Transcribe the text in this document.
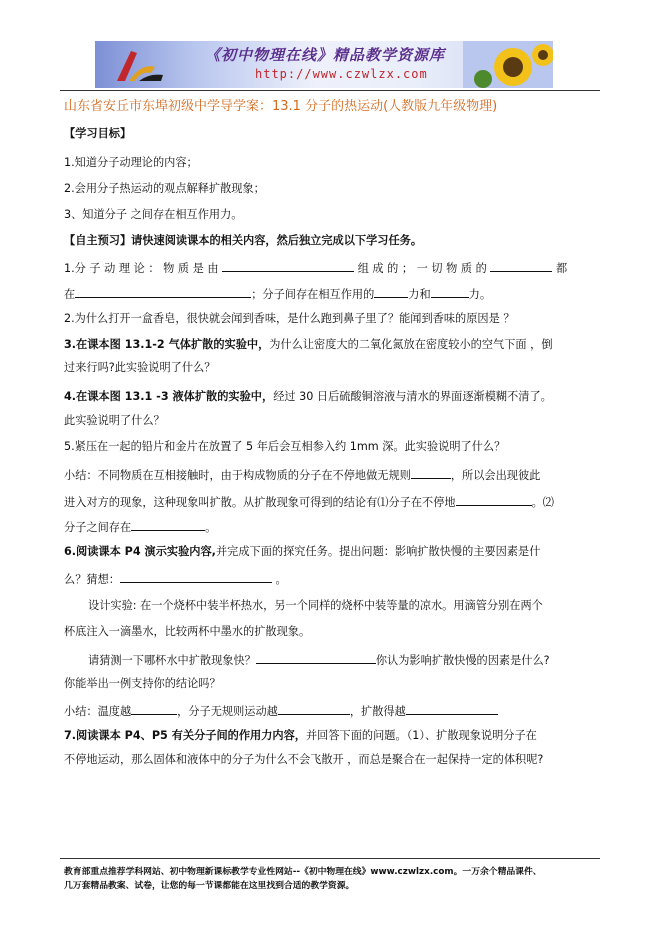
《初中物理在线》精品教学资源库
http://www.czwlzx.com
山东省安丘市东埠初级中学导学案：13.1 分子的热运动(人教版九年级物理)
【学习目标】
1.知道分子动理论的内容；
2.会用分子热运动的观点解释扩散现象；
3、知道分子 之间存在相互作用力。
【自主预习】请快速阅读课本的相关内容，然后独立完成以下学习任务。
1.分 子 动 理 论 ： 物 质 是 由	组 成 的 ； 一 切 物 质 的	都
在	；分子间存在相互作用的	力和	力。
2.为什么打开一盒香皂，很快就会闻到香味，是什么跑到鼻子里了？能闻到香味的原因是 ？
3.在课本图 13.1-2 气体扩散的实验中，为什么让密度大的二氧化氮放在密度较小的空气下面 ，倒
过来行吗?此实验说明了什么？
4.在课本图 13.1 -3 液体扩散的实验中，经过 30 日后硫酸铜溶液与清水的界面逐渐模糊不清了。
此实验说明了什么？
5.紧压在一起的铅片和金片在放置了 5 年后会互相参入约 1mm 深。此实验说明了什么？
小结：不同物质在互相接触时，由于构成物质的分子在不停地做无规则	，所以会出现彼此
进入对方的现象，这种现象叫扩散。从扩散现象可得到的结论有⑴分子在不停地	。⑵
分子之间存在	。
6.阅读课本 P4 演示实验内容,并完成下面的探究任务。提出问题：影响扩散快慢的主要因素是什
么？猜想：	。
设计实验: 在一个烧杯中装半杯热水，另一个同样的烧杯中装等量的凉水。用滴管分别在两个
杯底注入一滴墨水，比较两杯中墨水的扩散现象。
请猜测一下哪杯水中扩散现象快？	你认为影响扩散快慢的因素是什么?
你能举出一例支持你的结论吗？
小结：温度越	，分子无规则运动越	，扩散得越
7.阅读课本 P4、P5 有关分子间的作用力内容，并回答下面的问题。（1）、扩散现象说明分子在
不停地运动，那么固体和液体中的分子为什么不会飞散开 ，而总是聚合在一起保持一定的体积呢?
教育部重点推荐学科网站、初中物理新课标教学专业性网站--《初中物理在线》www.czwlzx.com。一万余个精品课件、
几万套精品教案、试卷，让您的每一节课都能在这里找到合适的教学资源。
